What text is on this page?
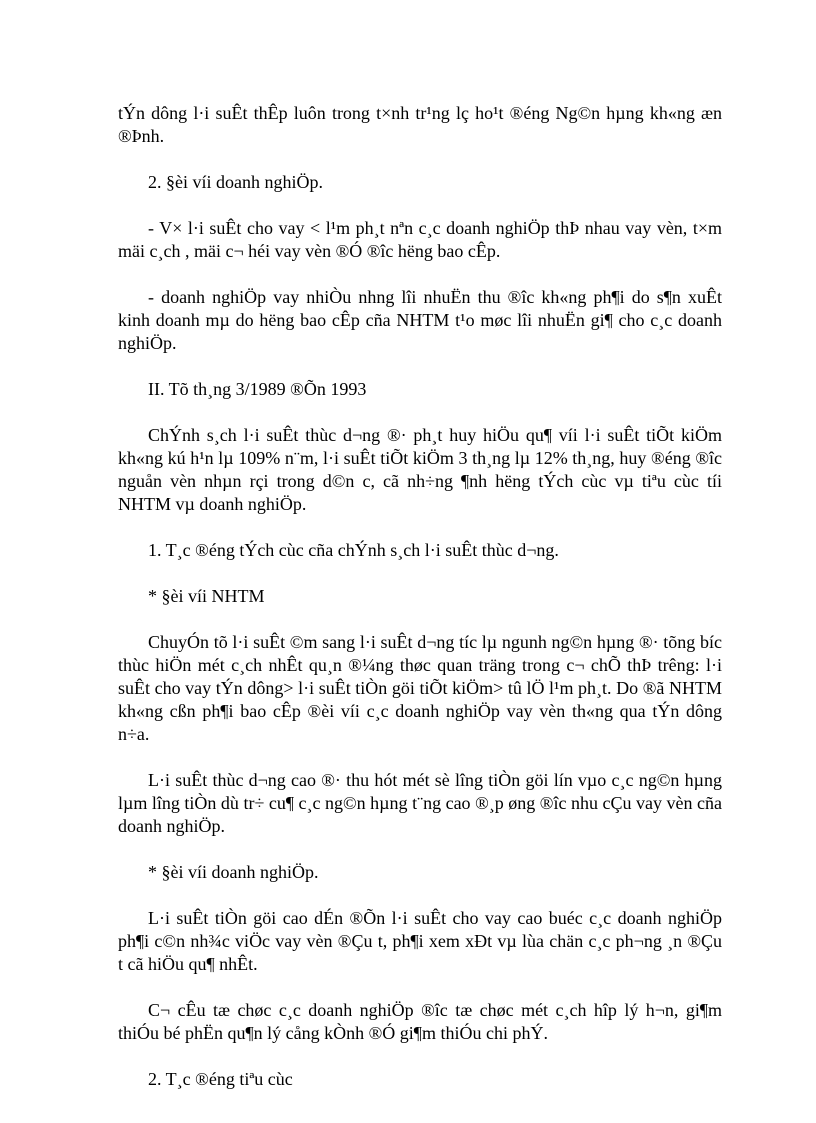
tÝn dông l·i suÊt thÊp luôn trong t×nh tr¹ng lç ho¹t ®éng Ng©n hµng kh«ng æn ®Þnh.

2. §èi víi doanh nghiÖp.

- V× l·i suÊt cho vay < l¹m ph¸t nªn c¸c doanh nghiÖp thÞ nhau vay vèn, t×m mäi c¸ch , mäi c¬ héi vay vèn ®Ó ®îc hëng bao cÊp.

- doanh nghiÖp vay nhiÒu nhng lîi nhuËn thu ®îc kh«ng ph¶i do s¶n xuÊt kinh doanh mµ do hëng bao cÊp cña NHTM t¹o møc lîi nhuËn gi¶ cho c¸c doanh nghiÖp.

II. Tõ th¸ng 3/1989 ®Õn 1993

ChÝnh s¸ch l·i suÊt thùc d¬ng ®· ph¸t huy hiÖu qu¶ víi l·i suÊt tiÕt kiÖm kh«ng kú h¹n lµ 109% n¨m, l·i suÊt tiÕt kiÖm 3 th¸ng lµ 12% th¸ng, huy ®éng ®îc nguån vèn nhµn rçi trong d©n c, cã nh÷ng ¶nh hëng tÝch cùc vµ tiªu cùc tíi NHTM vµ doanh nghiÖp.

1. T¸c ®éng tÝch cùc cña chÝnh s¸ch l·i suÊt thùc d¬ng.

* §èi víi NHTM

ChuyÓn tõ l·i suÊt ©m sang l·i suÊt d¬ng tíc lµ ngunh ng©n hµng ®· tõng bíc thùc hiÖn mét c¸ch nhÊt qu¸n ®¼ng thøc quan träng trong c¬ chÕ thÞ trêng: l·i suÊt cho vay tÝn dông> l·i suÊt tiÒn göi tiÕt kiÖm> tû lÖ l¹m ph¸t. Do ®ã NHTM kh«ng cßn ph¶i bao cÊp ®èi víi c¸c doanh nghiÖp vay vèn th«ng qua tÝn dông n÷a.

L·i suÊt thùc d¬ng cao ®· thu hót mét sè lîng tiÒn göi lín vµo c¸c ng©n hµng lµm lîng tiÒn dù tr÷ cu¶ c¸c ng©n hµng t¨ng cao ®¸p øng ®îc nhu cÇu vay vèn cña doanh nghiÖp.

* §èi víi doanh nghiÖp.

L·i suÊt tiÒn göi cao dÉn ®Õn l·i suÊt cho vay cao buéc c¸c doanh nghiÖp ph¶i c©n nh¾c viÖc vay vèn ®Çu t, ph¶i xem xÐt vµ lùa chän c¸c ph¬ng ¸n ®Çu t cã hiÖu qu¶ nhÊt.

C¬ cÊu tæ chøc c¸c doanh nghiÖp ®îc tæ chøc mét c¸ch hîp lý h¬n, gi¶m thiÓu bé phËn qu¶n lý cång kÒnh ®Ó gi¶m thiÓu chi phÝ.

2. T¸c ®éng tiªu cùc
